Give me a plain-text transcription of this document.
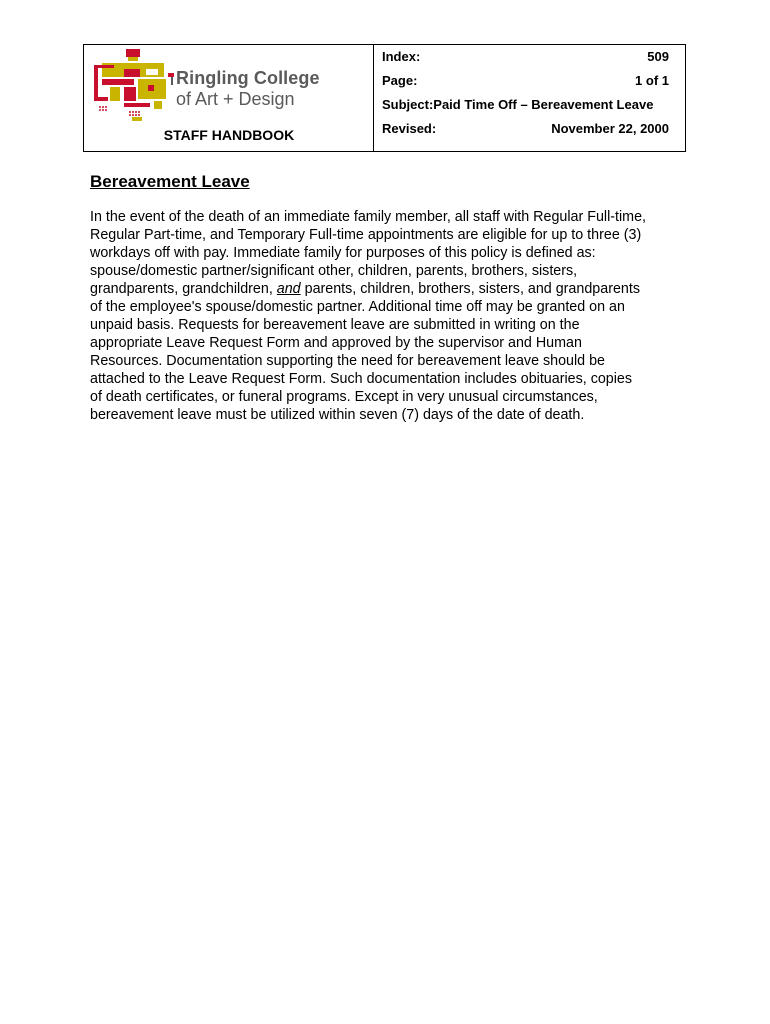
Ringling College
of Art + Design
STAFF HANDBOOK
Index:	509
Page:	1 of 1
Subject:Paid Time Off – Bereavement Leave
Revised:	November 22, 2000
Bereavement Leave
In the event of the death of an immediate family member, all staff with Regular Full-time,
Regular Part-time, and Temporary Full-time appointments are eligible for up to three (3)
workdays off with pay. Immediate family for purposes of this policy is defined as:
spouse/domestic partner/significant other, children, parents, brothers, sisters,
grandparents, grandchildren, and parents, children, brothers, sisters, and grandparents
of the employee's spouse/domestic partner. Additional time off may be granted on an
unpaid basis. Requests for bereavement leave are submitted in writing on the
appropriate Leave Request Form and approved by the supervisor and Human
Resources. Documentation supporting the need for bereavement leave should be
attached to the Leave Request Form. Such documentation includes obituaries, copies
of death certificates, or funeral programs. Except in very unusual circumstances,
bereavement leave must be utilized within seven (7) days of the date of death.
